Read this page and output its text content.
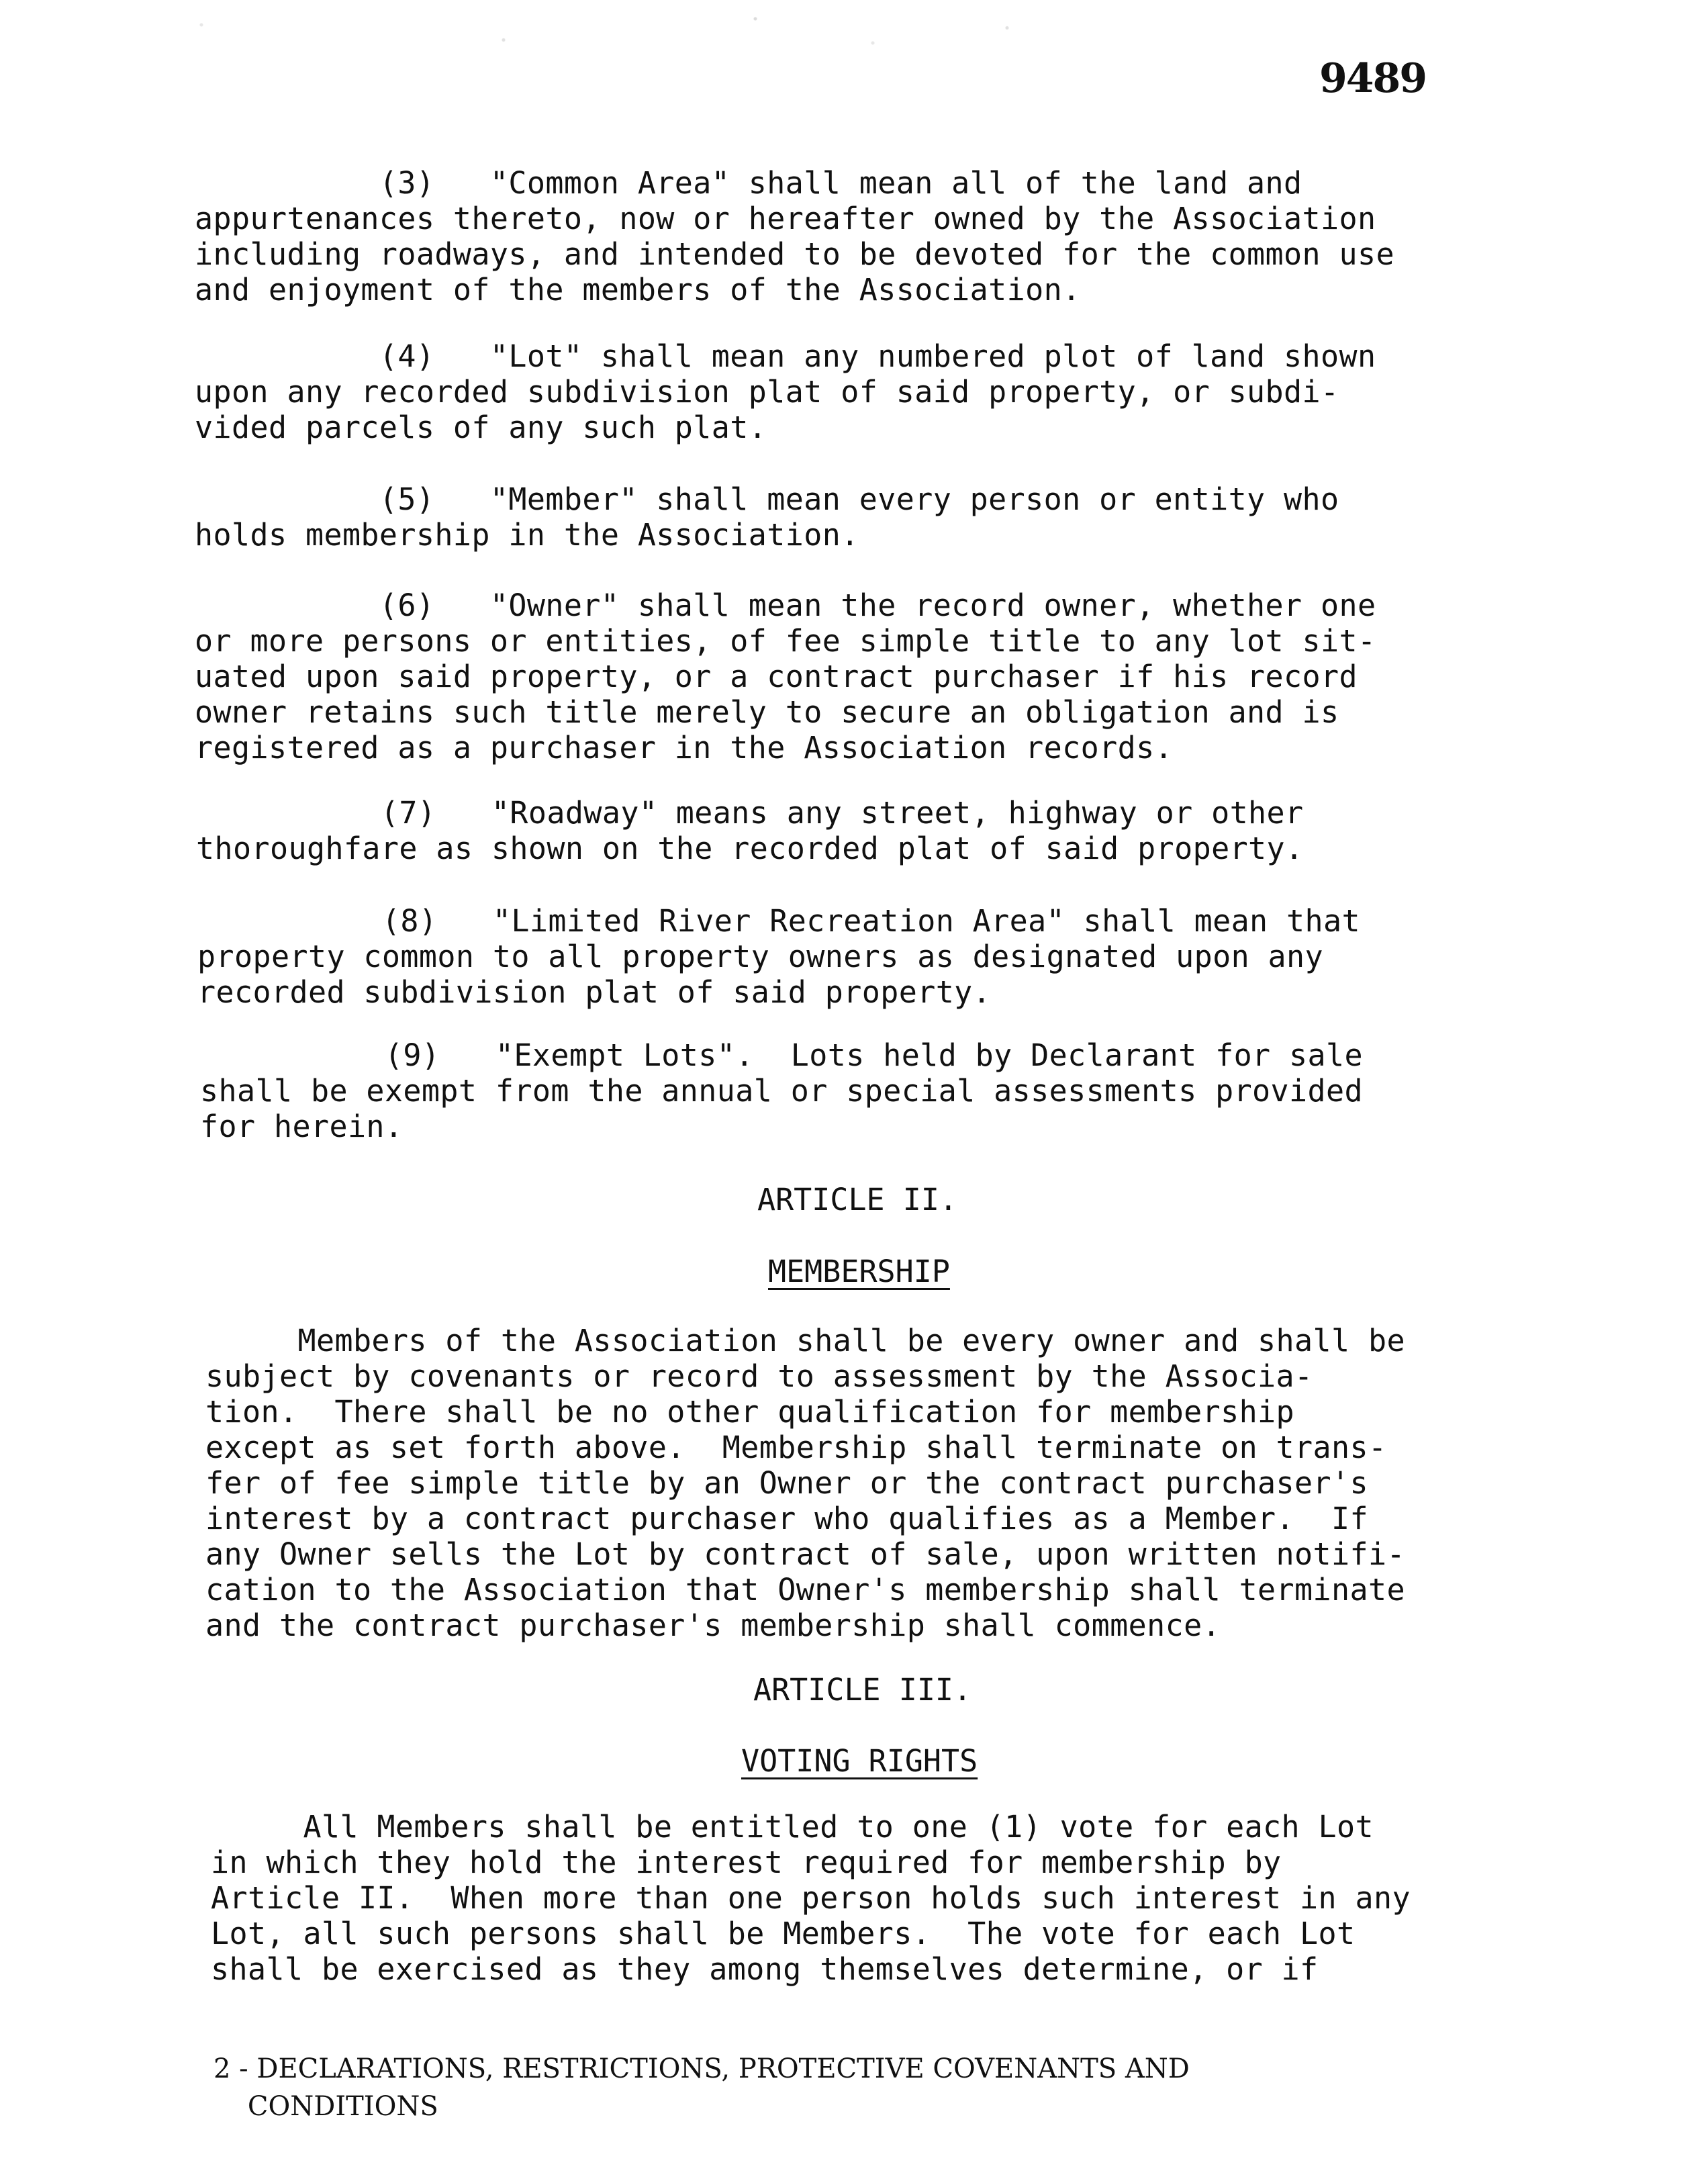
9489

(3)   "Common Area" shall mean all of the land and
appurtenances thereto, now or hereafter owned by the Association
including roadways, and intended to be devoted for the common use
and enjoyment of the members of the Association.

(4)   "Lot" shall mean any numbered plot of land shown
upon any recorded subdivision plat of said property, or subdi-
vided parcels of any such plat.

(5)   "Member" shall mean every person or entity who
holds membership in the Association.

(6)   "Owner" shall mean the record owner, whether one
or more persons or entities, of fee simple title to any lot sit-
uated upon said property, or a contract purchaser if his record
owner retains such title merely to secure an obligation and is
registered as a purchaser in the Association records.

(7)   "Roadway" means any street, highway or other
thoroughfare as shown on the recorded plat of said property.

(8)   "Limited River Recreation Area" shall mean that
property common to all property owners as designated upon any
recorded subdivision plat of said property.

(9)   "Exempt Lots".  Lots held by Declarant for sale
shall be exempt from the annual or special assessments provided
for herein.

ARTICLE II.

MEMBERSHIP

Members of the Association shall be every owner and shall be
subject by covenants or record to assessment by the Associa-
tion.  There shall be no other qualification for membership
except as set forth above.  Membership shall terminate on trans-
fer of fee simple title by an Owner or the contract purchaser's
interest by a contract purchaser who qualifies as a Member.  If
any Owner sells the Lot by contract of sale, upon written notifi-
cation to the Association that Owner's membership shall terminate
and the contract purchaser's membership shall commence.

ARTICLE III.

VOTING RIGHTS

All Members shall be entitled to one (1) vote for each Lot
in which they hold the interest required for membership by
Article II.  When more than one person holds such interest in any
Lot, all such persons shall be Members.  The vote for each Lot
shall be exercised as they among themselves determine, or if

2 - DECLARATIONS, RESTRICTIONS, PROTECTIVE COVENANTS AND
CONDITIONS
